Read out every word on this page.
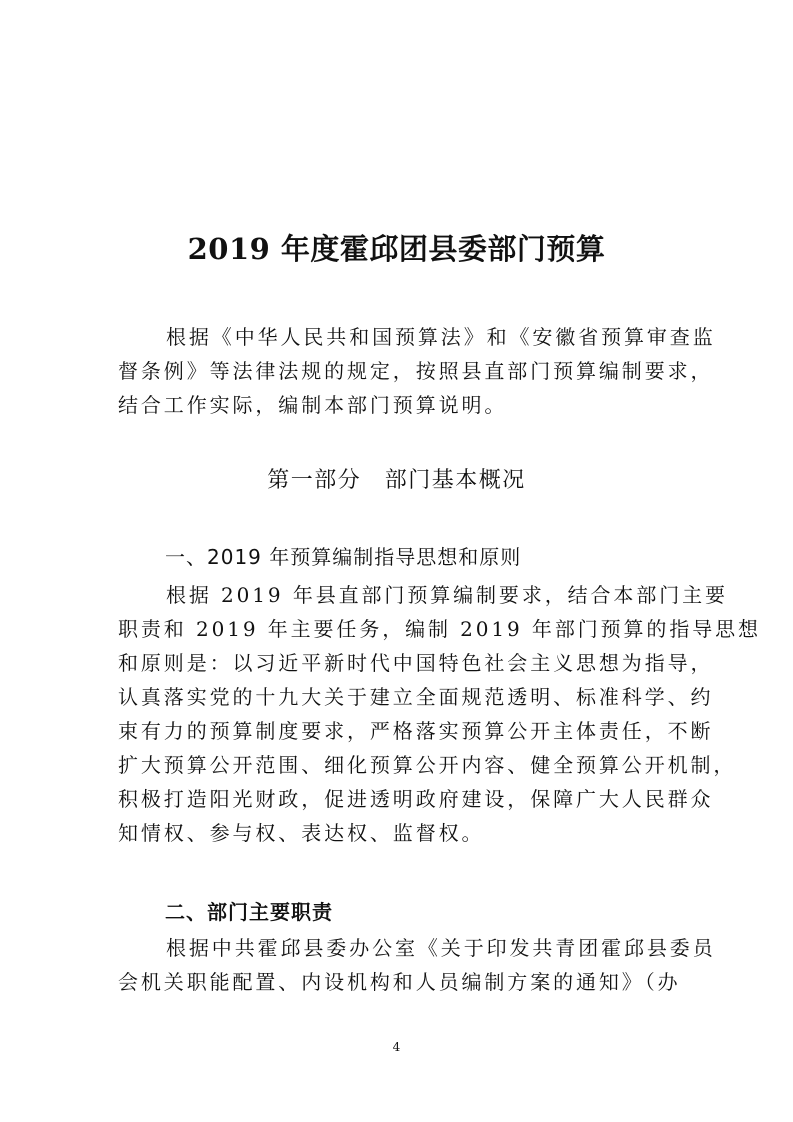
2019 年度霍邱团县委部门预算
根据《中华人民共和国预算法》和《安徽省预算审查监
督条例》等法律法规的规定，按照县直部门预算编制要求，
结合工作实际，编制本部门预算说明。
第一部分　部门基本概况
一、2019 年预算编制指导思想和原则
根据 2019 年县直部门预算编制要求，结合本部门主要
职责和 2019 年主要任务，编制 2019 年部门预算的指导思想
和原则是：以习近平新时代中国特色社会主义思想为指导，
认真落实党的十九大关于建立全面规范透明、标准科学、约
束有力的预算制度要求，严格落实预算公开主体责任，不断
扩大预算公开范围、细化预算公开内容、健全预算公开机制，
积极打造阳光财政，促进透明政府建设，保障广大人民群众
知情权、参与权、表达权、监督权。
二、部门主要职责
根据中共霍邱县委办公室《关于印发共青团霍邱县委员
会机关职能配置、内设机构和人员编制方案的通知》（办
4
